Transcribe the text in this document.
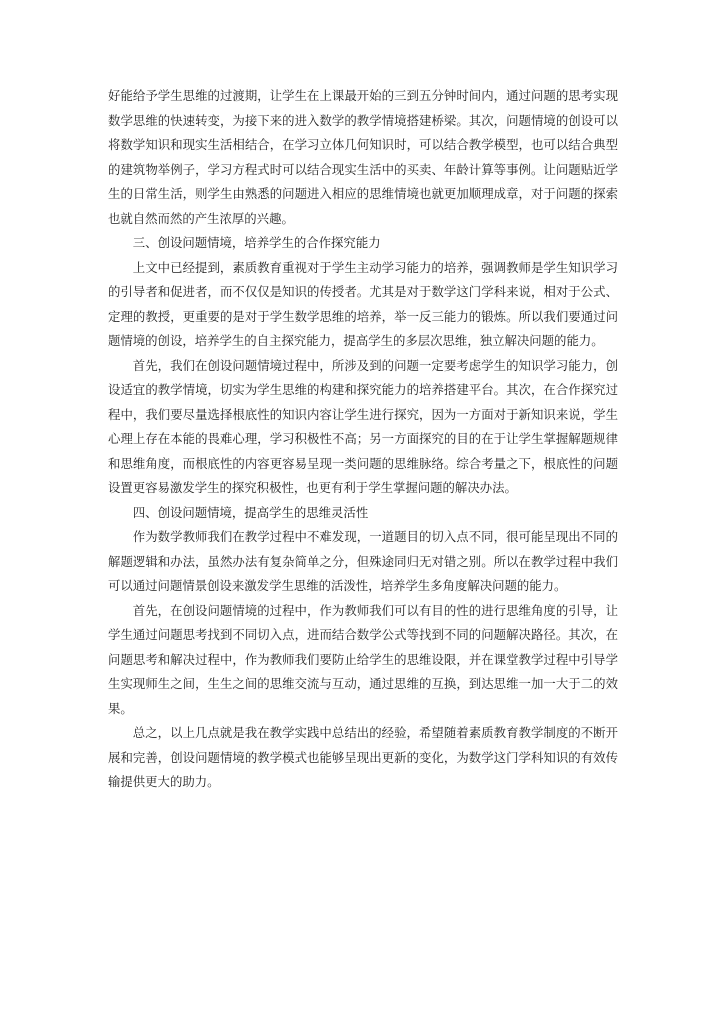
好能给予学生思维的过渡期，让学生在上课最开始的三到五分钟时间内，通过问题的思考实现数学思维的快速转变，为接下来的进入数学的教学情境搭建桥梁。其次，问题情境的创设可以将数学知识和现实生活相结合，在学习立体几何知识时，可以结合教学模型，也可以结合典型的建筑物举例子，学习方程式时可以结合现实生活中的买卖、年龄计算等事例。让问题贴近学生的日常生活，则学生由熟悉的问题进入相应的思维情境也就更加顺理成章，对于问题的探索也就自然而然的产生浓厚的兴趣。

三、创设问题情境，培养学生的合作探究能力

上文中已经提到，素质教育重视对于学生主动学习能力的培养，强调教师是学生知识学习的引导者和促进者，而不仅仅是知识的传授者。尤其是对于数学这门学科来说，相对于公式、定理的教授，更重要的是对于学生数学思维的培养，举一反三能力的锻炼。所以我们要通过问题情境的创设，培养学生的自主探究能力，提高学生的多层次思维，独立解决问题的能力。

首先，我们在创设问题情境过程中，所涉及到的问题一定要考虑学生的知识学习能力，创设适宜的教学情境，切实为学生思维的构建和探究能力的培养搭建平台。其次，在合作探究过程中，我们要尽量选择根底性的知识内容让学生进行探究，因为一方面对于新知识来说，学生心理上存在本能的畏难心理，学习积极性不高；另一方面探究的目的在于让学生掌握解题规律和思维角度，而根底性的内容更容易呈现一类问题的思维脉络。综合考量之下，根底性的问题设置更容易激发学生的探究积极性，也更有利于学生掌握问题的解决办法。

四、创设问题情境，提高学生的思维灵活性

作为数学教师我们在教学过程中不难发现，一道题目的切入点不同，很可能呈现出不同的解题逻辑和办法，虽然办法有复杂简单之分，但殊途同归无对错之别。所以在教学过程中我们可以通过问题情景创设来激发学生思维的活泼性，培养学生多角度解决问题的能力。

首先，在创设问题情境的过程中，作为教师我们可以有目的性的进行思维角度的引导，让学生通过问题思考找到不同切入点，进而结合数学公式等找到不同的问题解决路径。其次，在问题思考和解决过程中，作为教师我们要防止给学生的思维设限，并在课堂教学过程中引导学生实现师生之间，生生之间的思维交流与互动，通过思维的互换，到达思维一加一大于二的效果。

总之，以上几点就是我在教学实践中总结出的经验，希望随着素质教育教学制度的不断开展和完善，创设问题情境的教学模式也能够呈现出更新的变化，为数学这门学科知识的有效传输提供更大的助力。
